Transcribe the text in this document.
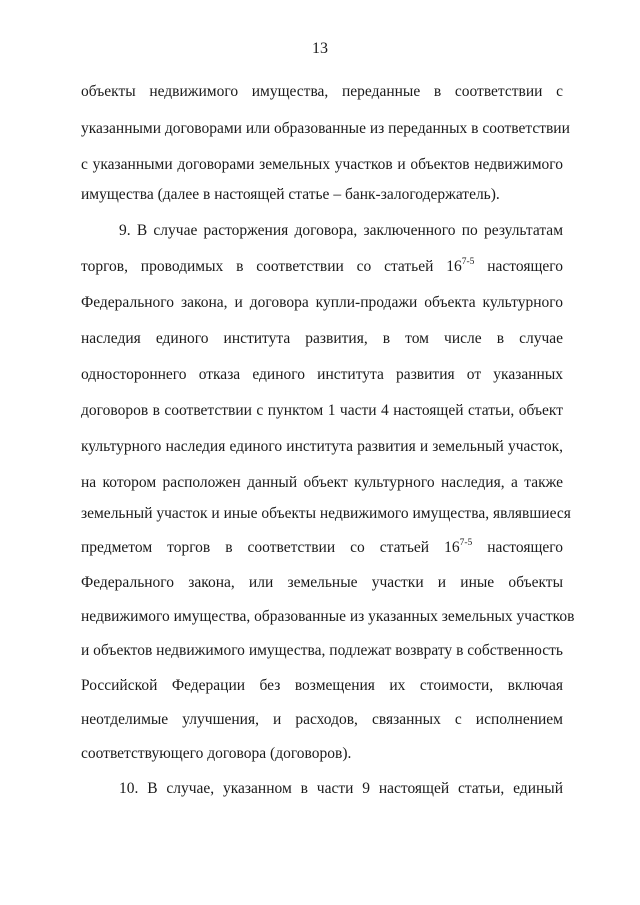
13
объекты недвижимого имущества, переданные в соответствии с
указанными договорами или образованные из переданных в соответствии
с указанными договорами земельных участков и объектов недвижимого
имущества (далее в настоящей статье – банк-залогодержатель).
9. В случае расторжения договора, заключенного по результатам
торгов, проводимых в соответствии со статьей 16$^{7-5}$ настоящего
Федерального закона, и договора купли-продажи объекта культурного
наследия единого института развития, в том числе в случае
одностороннего отказа единого института развития от указанных
договоров в соответствии с пунктом 1 части 4 настоящей статьи, объект
культурного наследия единого института развития и земельный участок,
на котором расположен данный объект культурного наследия, а также
земельный участок и иные объекты недвижимого имущества, являвшиеся
предметом торгов в соответствии со статьей 16$^{7-5}$ настоящего
Федерального закона, или земельные участки и иные объекты
недвижимого имущества, образованные из указанных земельных участков
и объектов недвижимого имущества, подлежат возврату в собственность
Российской Федерации без возмещения их стоимости, включая
неотделимые улучшения, и расходов, связанных с исполнением
соответствующего договора (договоров).
10. В случае, указанном в части 9 настоящей статьи, единый
